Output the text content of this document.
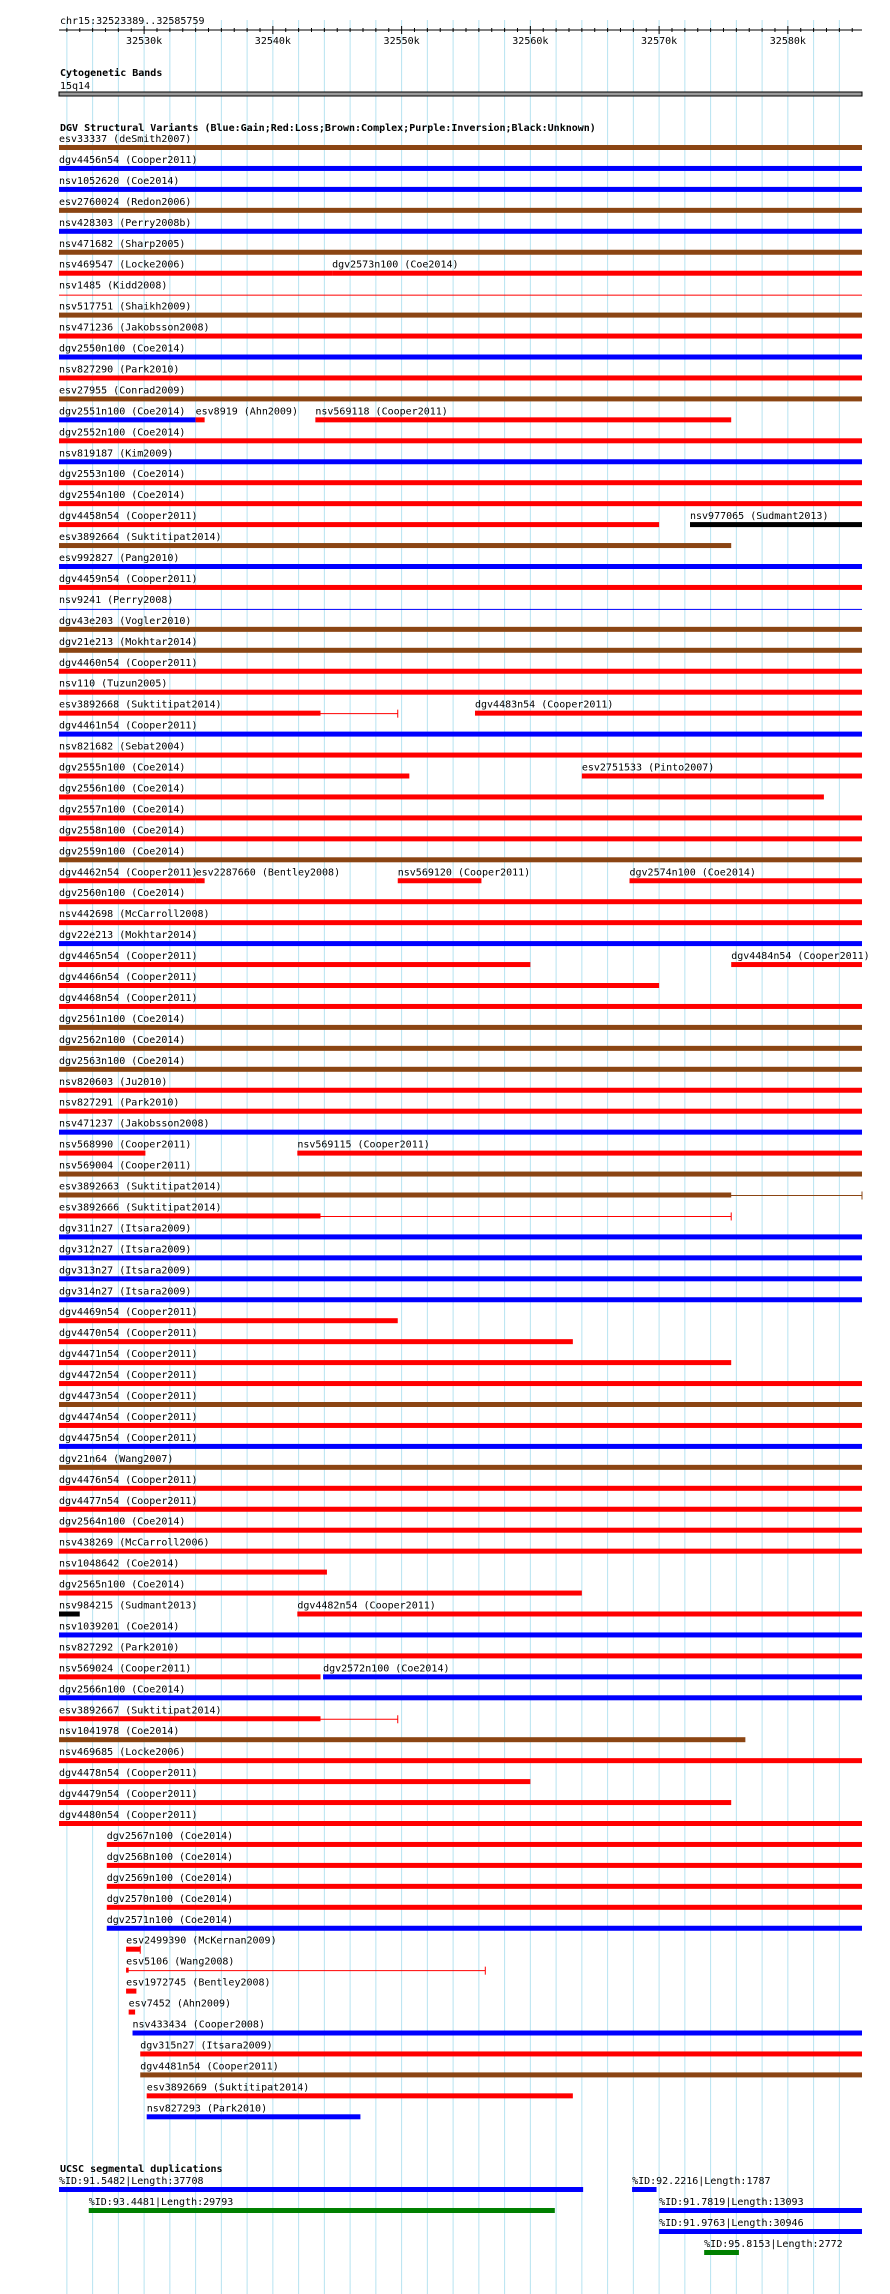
chr15:32523389..32585759
32530k	32540k	32550k	32560k	32570k	32580k
Cytogenetic Bands
15q14
DGV Structural Variants (Blue:Gain;Red:Loss;Brown:Complex;Purple:Inversion;Black:Unknown)
esv33337 (deSmith2007)
dgv4456n54 (Cooper2011)
nsv1052620 (Coe2014)
esv2760024 (Redon2006)
nsv428303 (Perry2008b)
nsv471682 (Sharp2005)
nsv469547 (Locke2006)	dgv2573n100 (Coe2014)
nsv1485 (Kidd2008)
nsv517751 (Shaikh2009)
nsv471236 (Jakobsson2008)
dgv2550n100 (Coe2014)
nsv827290 (Park2010)
esv27955 (Conrad2009)
dgv2551n100 (Coe2014) esv8919 (Ahn2009) nsv569118 (Cooper2011)
dgv2552n100 (Coe2014)
nsv819187 (Kim2009)
dgv2553n100 (Coe2014)
dgv2554n100 (Coe2014)
dgv4458n54 (Cooper2011)	nsv977065 (Sudmant2013)
esv3892664 (Suktitipat2014)
esv992827 (Pang2010)
dgv4459n54 (Cooper2011)
nsv9241 (Perry2008)
dgv43e203 (Vogler2010)
dgv21e213 (Mokhtar2014)
dgv4460n54 (Cooper2011)
nsv110 (Tuzun2005)
esv3892668 (Suktitipat2014)	dgv4483n54 (Cooper2011)
dgv4461n54 (Cooper2011)
nsv821682 (Sebat2004)
dgv2555n100 (Coe2014)	esv2751533 (Pinto2007)
dgv2556n100 (Coe2014)
dgv2557n100 (Coe2014)
dgv2558n100 (Coe2014)
dgv2559n100 (Coe2014)
dgv4462n54 (Cooper2011)
esv2287660 (Bentley2008)	nsv569120 (Cooper2011)	dgv2574n100 (Coe2014)
dgv2560n100 (Coe2014)
nsv442698 (McCarroll2008)
dgv22e213 (Mokhtar2014)
dgv4465n54 (Cooper2011)	dgv4484n54 (Cooper2011)
dgv4466n54 (Cooper2011)
dgv4468n54 (Cooper2011)
dgv2561n100 (Coe2014)
dgv2562n100 (Coe2014)
dgv2563n100 (Coe2014)
nsv820603 (Ju2010)
nsv827291 (Park2010)
nsv471237 (Jakobsson2008)
nsv568990 (Cooper2011)	nsv569115 (Cooper2011)
nsv569004 (Cooper2011)
esv3892663 (Suktitipat2014)
esv3892666 (Suktitipat2014)
dgv311n27 (Itsara2009)
dgv312n27 (Itsara2009)
dgv313n27 (Itsara2009)
dgv314n27 (Itsara2009)
dgv4469n54 (Cooper2011)
dgv4470n54 (Cooper2011)
dgv4471n54 (Cooper2011)
dgv4472n54 (Cooper2011)
dgv4473n54 (Cooper2011)
dgv4474n54 (Cooper2011)
dgv4475n54 (Cooper2011)
dgv21n64 (Wang2007)
dgv4476n54 (Cooper2011)
dgv4477n54 (Cooper2011)
dgv2564n100 (Coe2014)
nsv438269 (McCarroll2006)
nsv1048642 (Coe2014)
dgv2565n100 (Coe2014)
nsv984215 (Sudmant2013)	dgv4482n54 (Cooper2011)
nsv1039201 (Coe2014)
nsv827292 (Park2010)
nsv569024 (Cooper2011)	dgv2572n100 (Coe2014)
dgv2566n100 (Coe2014)
esv3892667 (Suktitipat2014)
nsv1041978 (Coe2014)
nsv469685 (Locke2006)
dgv4478n54 (Cooper2011)
dgv4479n54 (Cooper2011)
dgv4480n54 (Cooper2011)
dgv2567n100 (Coe2014)
dgv2568n100 (Coe2014)
dgv2569n100 (Coe2014)
dgv2570n100 (Coe2014)
dgv2571n100 (Coe2014)
esv2499390 (McKernan2009)
esv5106 (Wang2008)
esv1972745 (Bentley2008)
esv7452 (Ahn2009)
nsv433434 (Cooper2008)
dgv315n27 (Itsara2009)
dgv4481n54 (Cooper2011)
esv3892669 (Suktitipat2014)
nsv827293 (Park2010)
UCSC segmental duplications
%ID:91.5482|Length:37708	%ID:92.2216|Length:1787
%ID:93.4481|Length:29793	%ID:91.7819|Length:13093
%ID:91.9763|Length:30946
%ID:95.8153|Length:2772
